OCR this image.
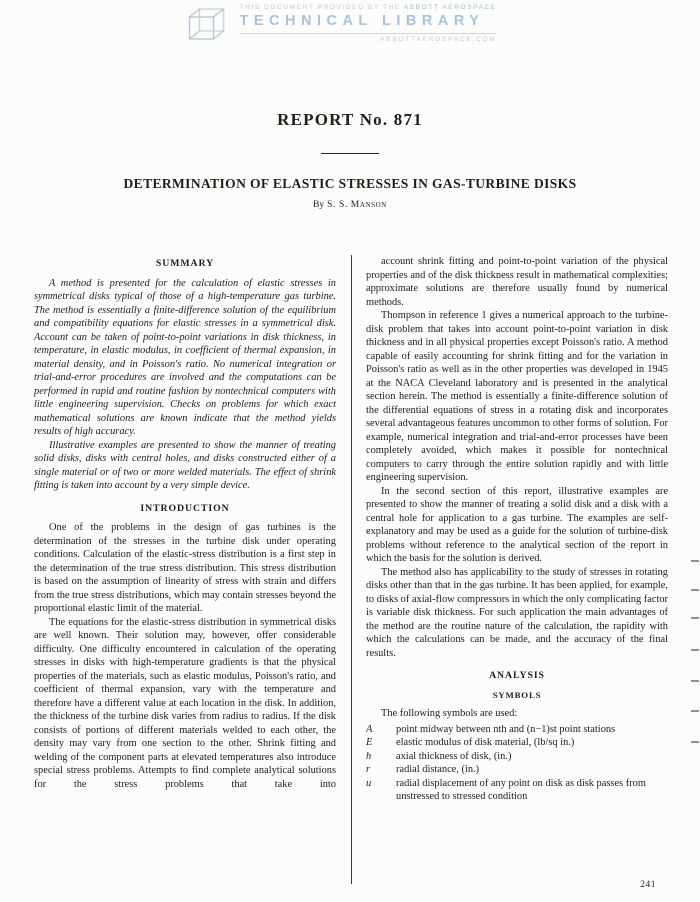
THIS DOCUMENT PROVIDED BY THE ABBOTT AEROSPACE
TECHNICAL LIBRARY
ABBOTTAEROSPACE.COM
REPORT No. 871
DETERMINATION OF ELASTIC STRESSES IN GAS-TURBINE DISKS
By S. S. Manson
SUMMARY

A method is presented for the calculation of elastic stresses in symmetrical disks typical of those of a high-temperature gas turbine. The method is essentially a finite-difference solution of the equilibrium and compatibility equations for elastic stresses in a symmetrical disk. Account can be taken of point-to-point variations in disk thickness, in temperature, in elastic modulus, in coefficient of thermal expansion, in material density, and in Poisson's ratio. No numerical integration or trial-and-error procedures are involved and the computations can be performed in rapid and routine fashion by nontechnical computers with little engineering supervision. Checks on problems for which exact mathematical solutions are known indicate that the method yields results of high accuracy.

Illustrative examples are presented to show the manner of treating solid disks, disks with central holes, and disks constructed either of a single material or of two or more welded materials. The effect of shrink fitting is taken into account by a very simple device.

INTRODUCTION

One of the problems in the design of gas turbines is the determination of the stresses in the turbine disk under operating conditions. Calculation of the elastic-stress distribution is a first step in the determination of the true stress distribution. This stress distribution is based on the assumption of linearity of stress with strain and differs from the true stress distributions, which may contain stresses beyond the proportional elastic limit of the material.

The equations for the elastic-stress distribution in symmetrical disks are well known. Their solution may, however, offer considerable difficulty. One difficulty encountered in calculation of the operating stresses in disks with high-temperature gradients is that the physical properties of the materials, such as elastic modulus, Poisson's ratio, and coefficient of thermal expansion, vary with the temperature and therefore have a different value at each location in the disk. In addition, the thickness of the turbine disk varies from radius to radius. If the disk consists of portions of different materials welded to each other, the density may vary from one section to the other. Shrink fitting and welding of the component parts at elevated temperatures also introduce special stress problems. Attempts to find complete analytical solutions for the stress problems that take into

account shrink fitting and point-to-point variation of the physical properties and of the disk thickness result in mathematical complexities; approximate solutions are therefore usually found by numerical methods.

Thompson in reference 1 gives a numerical approach to the turbine-disk problem that takes into account point-to-point variation in disk thickness and in all physical properties except Poisson's ratio. A method capable of easily accounting for shrink fitting and for the variation in Poisson's ratio as well as in the other properties was developed in 1945 at the NACA Cleveland laboratory and is presented in the analytical section herein. The method is essentially a finite-difference solution of the differential equations of stress in a rotating disk and incorporates several advantageous features uncommon to other forms of solution. For example, numerical integration and trial-and-error processes have been completely avoided, which makes it possible for nontechnical computers to carry through the entire solution rapidly and with little engineering supervision.

In the second section of this report, illustrative examples are presented to show the manner of treating a solid disk and a disk with a central hole for application to a gas turbine. The examples are self-explanatory and may be used as a guide for the solution of turbine-disk problems without reference to the analytical section of the report in which the basis for the solution is derived.

The method also has applicability to the study of stresses in rotating disks other than that in the gas turbine. It has been applied, for example, to disks of axial-flow compressors in which the only complicating factor is variable disk thickness. For such application the main advantages of the method are the routine nature of the calculation, the rapidity with which the calculations can be made, and the accuracy of the final results.

ANALYSIS
SYMBOLS

The following symbols are used:

A	point midway between nth and (n−1)st point stations
E	elastic modulus of disk material, (lb/sq in.)
h	axial thickness of disk, (in.)
r	radial distance, (in.)
u	radial displacement of any point on disk as disk passes from unstressed to stressed condition
241
